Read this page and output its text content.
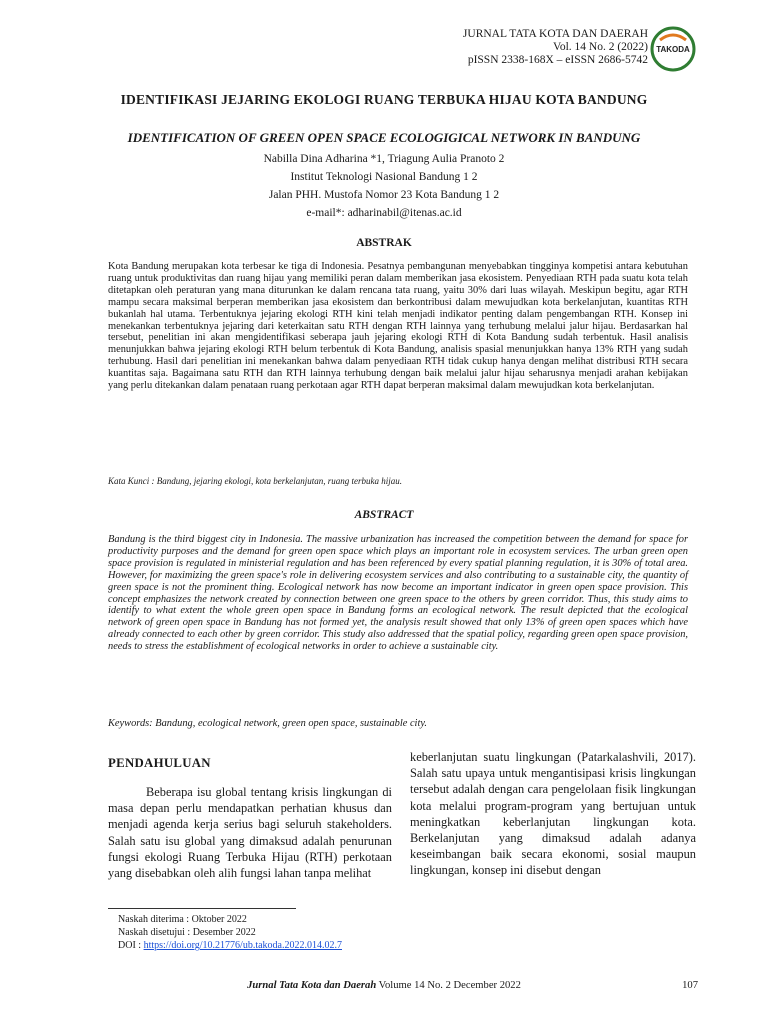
JURNAL TATA KOTA DAN DAERAH
Vol. 14 No. 2 (2022)
pISSN 2338-168X – eISSN 2686-5742
TAKODA
IDENTIFIKASI JEJARING EKOLOGI RUANG TERBUKA HIJAU KOTA BANDUNG
IDENTIFICATION OF GREEN OPEN SPACE ECOLOGIGICAL NETWORK IN BANDUNG
Nabilla Dina Adharina *1, Triagung Aulia Pranoto 2
Institut Teknologi Nasional Bandung 1 2
Jalan PHH. Mustofa Nomor 23 Kota Bandung 1 2
e-mail*: adharinabil@itenas.ac.id
ABSTRAK
Kota Bandung merupakan kota terbesar ke tiga di Indonesia. Pesatnya pembangunan menyebabkan tingginya kompetisi antara kebutuhan ruang untuk produktivitas dan ruang hijau yang memiliki peran dalam memberikan jasa ekosistem. Penyediaan RTH pada suatu kota telah ditetapkan oleh peraturan yang mana diturunkan ke dalam rencana tata ruang, yaitu 30% dari luas wilayah. Meskipun begitu, agar RTH mampu secara maksimal berperan memberikan jasa ekosistem dan berkontribusi dalam mewujudkan kota berkelanjutan, kuantitas RTH bukanlah hal utama. Terbentuknya jejaring ekologi RTH kini telah menjadi indikator penting dalam pengembangan RTH. Konsep ini menekankan terbentuknya jejaring dari keterkaitan satu RTH dengan RTH lainnya yang terhubung melalui jalur hijau. Berdasarkan hal tersebut, penelitian ini akan mengidentifikasi seberapa jauh jejaring ekologi RTH di Kota Bandung sudah terbentuk. Hasil analisis menunjukkan bahwa jejaring ekologi RTH belum terbentuk di Kota Bandung, analisis spasial menunjukkan hanya 13% RTH yang sudah terhubung. Hasil dari penelitian ini menekankan bahwa dalam penyediaan RTH tidak cukup hanya dengan melihat distribusi RTH secara kuantitas saja. Bagaimana satu RTH dan RTH lainnya terhubung dengan baik melalui jalur hijau seharusnya menjadi arahan kebijakan yang perlu ditekankan dalam penataan ruang perkotaan agar RTH dapat berperan maksimal dalam mewujudkan kota berkelanjutan.
Kata Kunci : Bandung, jejaring ekologi, kota berkelanjutan, ruang terbuka hijau.
ABSTRACT
Bandung is the third biggest city in Indonesia. The massive urbanization has increased the competition between the demand for space for productivity purposes and the demand for green open space which plays an important role in ecosystem services. The urban green open space provision is regulated in ministerial regulation and has been referenced by every spatial planning regulation, it is 30% of total area. However, for maximizing the green space's role in delivering ecosystem services and also contributing to a sustainable city, the quantity of green space is not the prominent thing. Ecological network has now become an important indicator in green open space provision. This concept emphasizes the network created by connection between one green space to the others by green corridor. Thus, this study aims to identify to what extent the whole green open space in Bandung forms an ecological network. The result depicted that the ecological network of green open space in Bandung has not formed yet, the analysis result showed that only 13% of green open spaces which have already connected to each other by green corridor. This study also addressed that the spatial policy, regarding green open space provision, needs to stress the establishment of ecological networks in order to achieve a sustainable city.
Keywords: Bandung, ecological network, green open space, sustainable city.
PENDAHULUAN
Beberapa isu global tentang krisis lingkungan di masa depan perlu mendapatkan perhatian khusus dan menjadi agenda kerja serius bagi seluruh stakeholders. Salah satu isu global yang dimaksud adalah penurunan fungsi ekologi Ruang Terbuka Hijau (RTH) perkotaan yang disebabkan oleh alih fungsi lahan tanpa melihat
keberlanjutan suatu lingkungan (Patarkalashvili, 2017). Salah satu upaya untuk mengantisipasi krisis lingkungan tersebut adalah dengan cara pengelolaan fisik lingkungan kota melalui program-program yang bertujuan untuk meningkatkan keberlanjutan lingkungan kota. Berkelanjutan yang dimaksud adalah adanya keseimbangan baik secara ekonomi, sosial maupun lingkungan, konsep ini disebut dengan
Naskah diterima : Oktober 2022
Naskah disetujui : Desember 2022
DOI : https://doi.org/10.21776/ub.takoda.2022.014.02.7
Jurnal Tata Kota dan Daerah Volume 14 No. 2 December 2022	107
